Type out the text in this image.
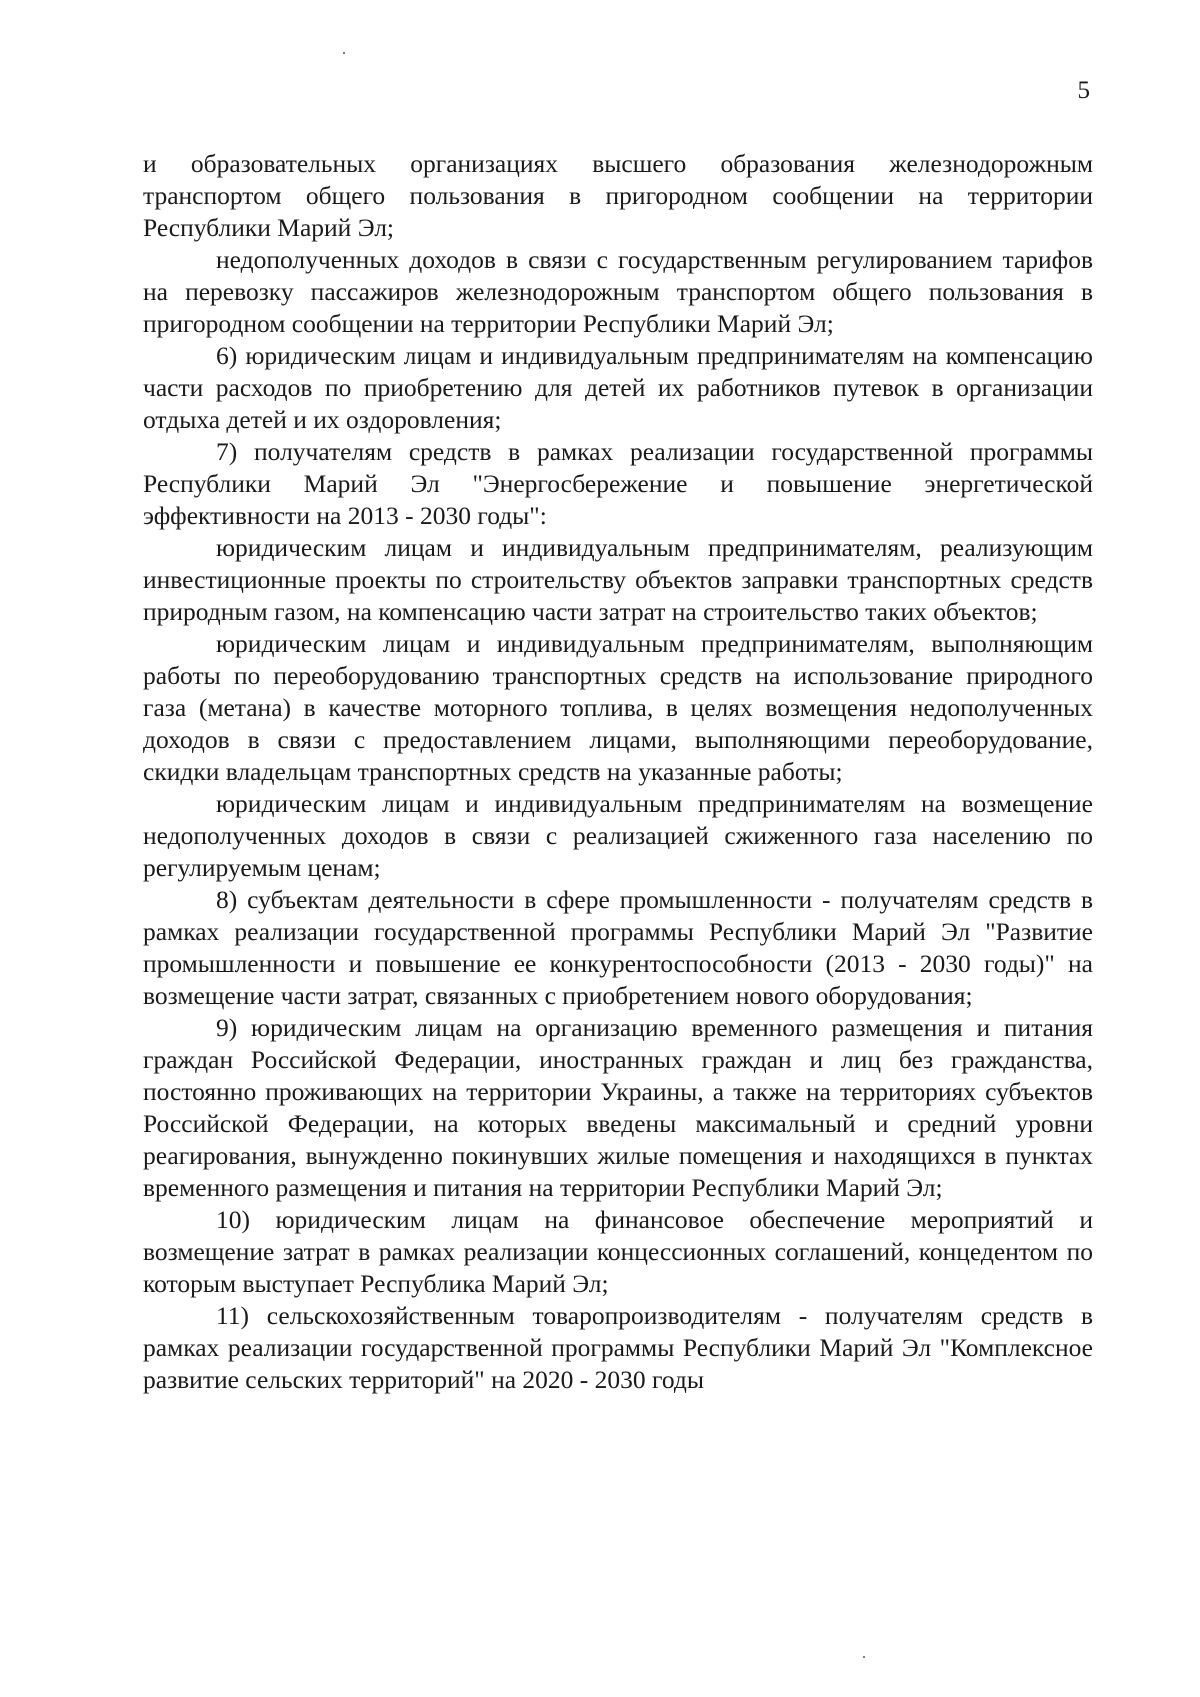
5

и образовательных организациях высшего образования железнодорожным транспортом общего пользования в пригородном сообщении на территории Республики Марий Эл;

недополученных доходов в связи с государственным регулированием тарифов на перевозку пассажиров железнодорожным транспортом общего пользования в пригородном сообщении на территории Республики Марий Эл;

6) юридическим лицам и индивидуальным предпринимателям на компенсацию части расходов по приобретению для детей их работников путевок в организации отдыха детей и их оздоровления;

7) получателям средств в рамках реализации государственной программы Республики Марий Эл "Энергосбережение и повышение энергетической эффективности на 2013 - 2030 годы":

юридическим лицам и индивидуальным предпринимателям, реализующим инвестиционные проекты по строительству объектов заправки транспортных средств природным газом, на компенсацию части затрат на строительство таких объектов;

юридическим лицам и индивидуальным предпринимателям, выполняющим работы по переоборудованию транспортных средств на использование природного газа (метана) в качестве моторного топлива, в целях возмещения недополученных доходов в связи с предоставлением лицами, выполняющими переоборудование, скидки владельцам транспортных средств на указанные работы;

юридическим лицам и индивидуальным предпринимателям на возмещение недополученных доходов в связи с реализацией сжиженного газа населению по регулируемым ценам;

8) субъектам деятельности в сфере промышленности - получателям средств в рамках реализации государственной программы Республики Марий Эл "Развитие промышленности и повышение ее конкурентоспособности (2013 - 2030 годы)" на возмещение части затрат, связанных с приобретением нового оборудования;

9) юридическим лицам на организацию временного размещения и питания граждан Российской Федерации, иностранных граждан и лиц без гражданства, постоянно проживающих на территории Украины, а также на территориях субъектов Российской Федерации, на которых введены максимальный и средний уровни реагирования, вынужденно покинувших жилые помещения и находящихся в пунктах временного размещения и питания на территории Республики Марий Эл;

10) юридическим лицам на финансовое обеспечение мероприятий и возмещение затрат в рамках реализации концессионных соглашений, концедентом по которым выступает Республика Марий Эл;

11) сельскохозяйственным товаропроизводителям - получателям средств в рамках реализации государственной программы Республики Марий Эл "Комплексное развитие сельских территорий" на 2020 - 2030 годы
